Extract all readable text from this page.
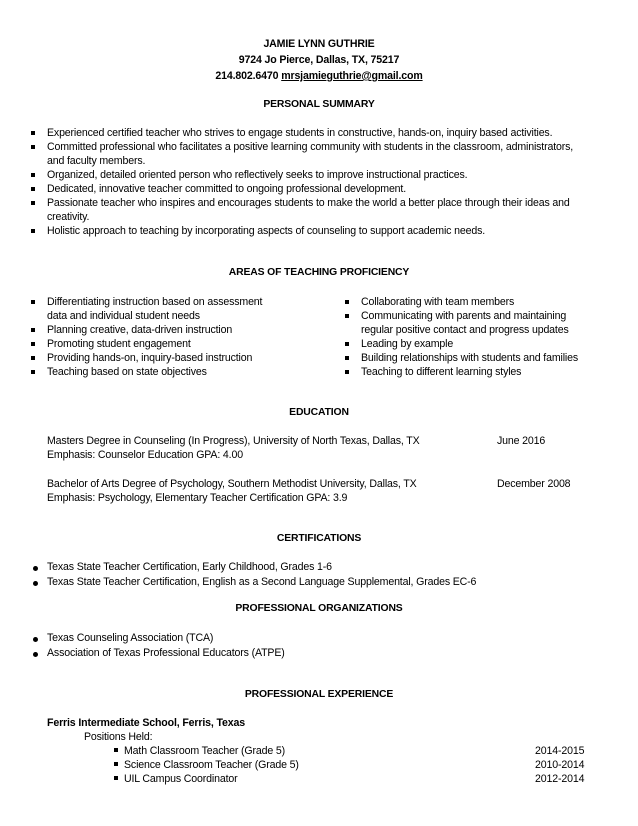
JAMIE LYNN GUTHRIE
9724 Jo Pierce, Dallas, TX, 75217
214.802.6470 mrsjamieguthrie@gmail.com
PERSONAL SUMMARY
Experienced certified teacher who strives to engage students in constructive, hands-on, inquiry based activities.
Committed professional who facilitates a positive learning community with students in the classroom, administrators,
and faculty members.
Organized, detailed oriented person who reflectively seeks to improve instructional practices.
Dedicated, innovative teacher committed to ongoing professional development.
Passionate teacher who inspires and encourages students to make the world a better place through their ideas and
creativity.
Holistic approach to teaching by incorporating aspects of counseling to support academic needs.
AREAS OF TEACHING PROFICIENCY
Differentiating instruction based on assessment
data and individual student needs
Planning creative, data-driven instruction
Promoting student engagement
Providing hands-on, inquiry-based instruction
Teaching based on state objectives
Collaborating with team members
Communicating with parents and maintaining
regular positive contact and progress updates
Leading by example
Building relationships with students and families
Teaching to different learning styles
EDUCATION
Masters Degree in Counseling (In Progress), University of North Texas, Dallas, TX	June 2016
Emphasis: Counselor Education GPA: 4.00
Bachelor of Arts Degree of Psychology, Southern Methodist University, Dallas, TX	December 2008
Emphasis: Psychology, Elementary Teacher Certification GPA: 3.9
CERTIFICATIONS
Texas State Teacher Certification, Early Childhood, Grades 1-6
Texas State Teacher Certification, English as a Second Language Supplemental, Grades EC-6
PROFESSIONAL ORGANIZATIONS
Texas Counseling Association (TCA)
Association of Texas Professional Educators (ATPE)
PROFESSIONAL EXPERIENCE
Ferris Intermediate School, Ferris, Texas
Positions Held:
Math Classroom Teacher (Grade 5)	2014-2015
Science Classroom Teacher (Grade 5)	2010-2014
UIL Campus Coordinator	2012-2014
